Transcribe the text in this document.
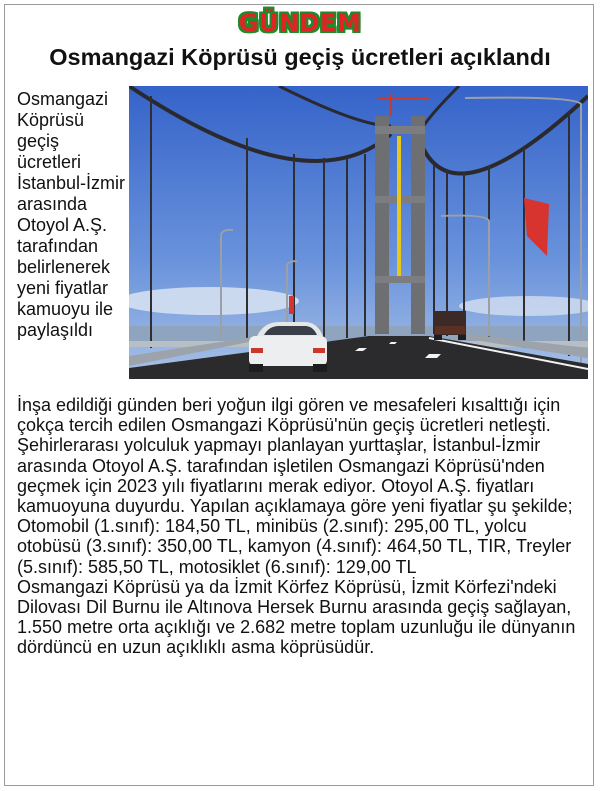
GÜNDEM
Osmangazi Köprüsü geçiş ücretleri açıklandı
Osmangazi Köprüsü geçiş ücretleri İstanbul-İzmir arasında Otoyol A.Ş. tarafından belirlenerek yeni fiyatlar kamuoyu ile paylaşıldı

İnşa edildiği günden beri yoğun ilgi gören ve mesafeleri kısalttığı için çokça tercih edilen Osmangazi Köprüsü'nün geçiş ücretleri netleşti. Şehirlerarası yolculuk yapmayı planlayan yurttaşlar, İstanbul-İzmir arasında Otoyol A.Ş. tarafından işletilen Osmangazi Köprüsü'nden geçmek için 2023 yılı fiyatlarını merak ediyor. Otoyol A.Ş. fiyatları kamuoyuna duyurdu. Yapılan açıklamaya göre yeni fiyatlar şu şekilde; Otomobil (1.sınıf): 184,50 TL, minibüs (2.sınıf): 295,00 TL, yolcu otobüsü (3.sınıf): 350,00 TL, kamyon (4.sınıf): 464,50 TL, TIR, Treyler (5.sınıf): 585,50 TL, motosiklet (6.sınıf): 129,00 TL

Osmangazi Köprüsü ya da İzmit Körfez Köprüsü, İzmit Körfezi'ndeki Dilovası Dil Burnu ile Altınova Hersek Burnu arasında geçiş sağlayan, 1.550 metre orta açıklığı ve 2.682 metre toplam uzunluğu ile dünyanın dördüncü en uzun açıklıklı asma köprüsüdür.
